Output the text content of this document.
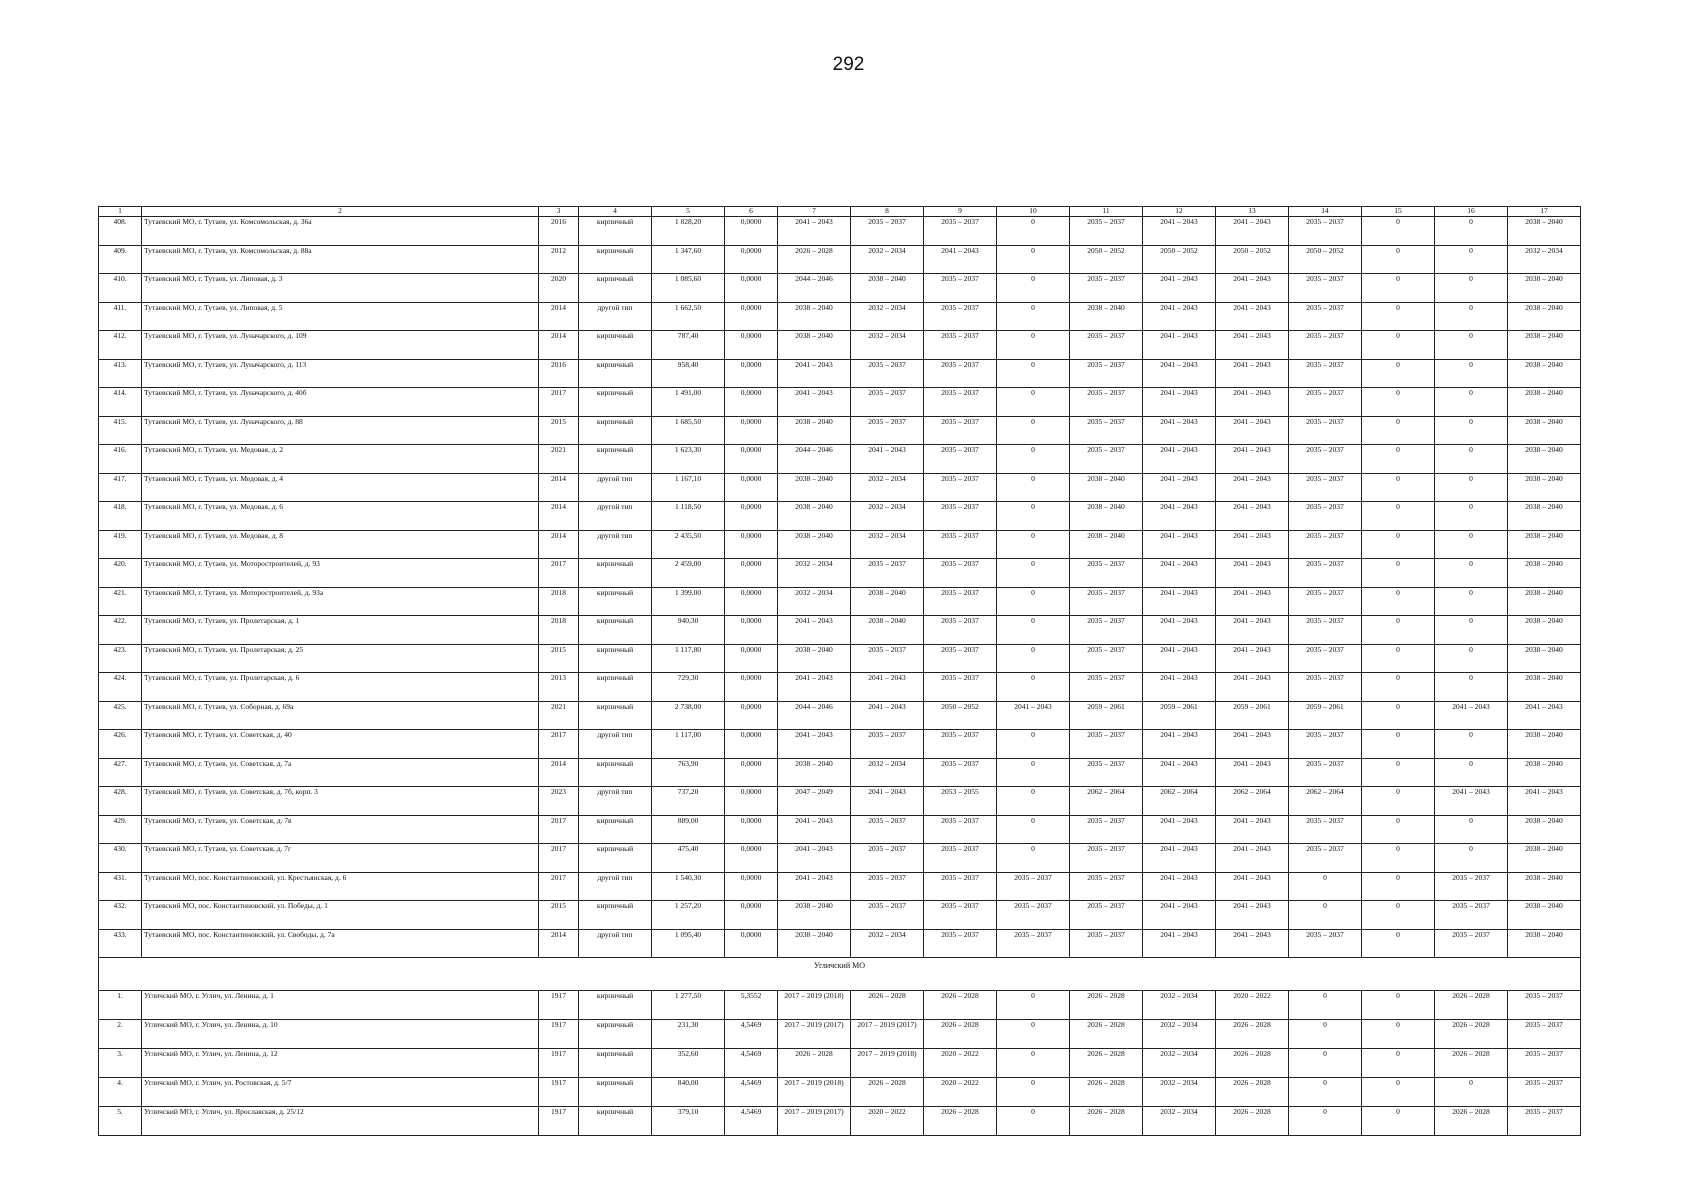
292
1	2	3	4	5	6	7	8	9	10	11	12	13	14	15	16	17
408.	Тутаевский МО, г. Тутаев, ул. Комсомольская, д. 36а	2016	кирпичный	1 828,20	0,0000	2041 – 2043	2035 – 2037	2035 – 2037	0	2035 – 2037	2041 – 2043	2041 – 2043	2035 – 2037	0	0	2038 – 2040
409.	Тутаевский МО, г. Тутаев, ул. Комсомольская, д. 88а	2012	кирпичный	1 347,60	0,0000	2026 – 2028	2032 – 2034	2041 – 2043	0	2050 – 2052	2050 – 2052	2050 – 2052	2050 – 2052	0	0	2032 – 2034
410.	Тутаевский МО, г. Тутаев, ул. Липовая, д. 3	2020	кирпичный	1 085,60	0,0000	2044 – 2046	2038 – 2040	2035 – 2037	0	2035 – 2037	2041 – 2043	2041 – 2043	2035 – 2037	0	0	2038 – 2040
411.	Тутаевский МО, г. Тутаев, ул. Липовая, д. 5	2014	другой тип	1 662,50	0,0000	2038 – 2040	2032 – 2034	2035 – 2037	0	2038 – 2040	2041 – 2043	2041 – 2043	2035 – 2037	0	0	2038 – 2040
412.	Тутаевский МО, г. Тутаев, ул. Луначарского, д. 109	2014	кирпичный	787,40	0,0000	2038 – 2040	2032 – 2034	2035 – 2037	0	2035 – 2037	2041 – 2043	2041 – 2043	2035 – 2037	0	0	2038 – 2040
413.	Тутаевский МО, г. Тутаев, ул. Луначарского, д. 113	2016	кирпичный	958,40	0,0000	2041 – 2043	2035 – 2037	2035 – 2037	0	2035 – 2037	2041 – 2043	2041 – 2043	2035 – 2037	0	0	2038 – 2040
414.	Тутаевский МО, г. Тутаев, ул. Луначарского, д. 40б	2017	кирпичный	1 491,00	0,0000	2041 – 2043	2035 – 2037	2035 – 2037	0	2035 – 2037	2041 – 2043	2041 – 2043	2035 – 2037	0	0	2038 – 2040
415.	Тутаевский МО, г. Тутаев, ул. Луначарского, д. 88	2015	кирпичный	1 685,50	0,0000	2038 – 2040	2035 – 2037	2035 – 2037	0	2035 – 2037	2041 – 2043	2041 – 2043	2035 – 2037	0	0	2038 – 2040
416.	Тутаевский МО, г. Тутаев, ул. Медовая, д. 2	2021	кирпичный	1 623,30	0,0000	2044 – 2046	2041 – 2043	2035 – 2037	0	2035 – 2037	2041 – 2043	2041 – 2043	2035 – 2037	0	0	2038 – 2040
417.	Тутаевский МО, г. Тутаев, ул. Медовая, д. 4	2014	другой тип	1 167,10	0,0000	2038 – 2040	2032 – 2034	2035 – 2037	0	2038 – 2040	2041 – 2043	2041 – 2043	2035 – 2037	0	0	2038 – 2040
418.	Тутаевский МО, г. Тутаев, ул. Медовая, д. 6	2014	другой тип	1 118,50	0,0000	2038 – 2040	2032 – 2034	2035 – 2037	0	2038 – 2040	2041 – 2043	2041 – 2043	2035 – 2037	0	0	2038 – 2040
419.	Тутаевский МО, г. Тутаев, ул. Медовая, д. 8	2014	другой тип	2 435,50	0,0000	2038 – 2040	2032 – 2034	2035 – 2037	0	2038 – 2040	2041 – 2043	2041 – 2043	2035 – 2037	0	0	2038 – 2040
420.	Тутаевский МО, г. Тутаев, ул. Моторостроителей, д. 93	2017	кирпичный	2 459,00	0,0000	2032 – 2034	2035 – 2037	2035 – 2037	0	2035 – 2037	2041 – 2043	2041 – 2043	2035 – 2037	0	0	2038 – 2040
421.	Тутаевский МО, г. Тутаев, ул. Моторостроителей, д. 93а	2018	кирпичный	1 399,00	0,0000	2032 – 2034	2038 – 2040	2035 – 2037	0	2035 – 2037	2041 – 2043	2041 – 2043	2035 – 2037	0	0	2038 – 2040
422.	Тутаевский МО, г. Тутаев, ул. Пролетарская, д. 1	2018	кирпичный	940,30	0,0000	2041 – 2043	2038 – 2040	2035 – 2037	0	2035 – 2037	2041 – 2043	2041 – 2043	2035 – 2037	0	0	2038 – 2040
423.	Тутаевский МО, г. Тутаев, ул. Пролетарская, д. 25	2015	кирпичный	1 117,80	0,0000	2038 – 2040	2035 – 2037	2035 – 2037	0	2035 – 2037	2041 – 2043	2041 – 2043	2035 – 2037	0	0	2038 – 2040
424.	Тутаевский МО, г. Тутаев, ул. Пролетарская, д. 6	2013	кирпичный	729,30	0,0000	2041 – 2043	2041 – 2043	2035 – 2037	0	2035 – 2037	2041 – 2043	2041 – 2043	2035 – 2037	0	0	2038 – 2040
425.	Тутаевский МО, г. Тутаев, ул. Соборная, д. 69а	2021	кирпичный	2 738,00	0,0000	2044 – 2046	2041 – 2043	2050 – 2052	2041 – 2043	2059 – 2061	2059 – 2061	2059 – 2061	2059 – 2061	0	2041 – 2043	2041 – 2043
426.	Тутаевский МО, г. Тутаев, ул. Советская, д. 40	2017	другой тип	1 117,00	0,0000	2041 – 2043	2035 – 2037	2035 – 2037	0	2035 – 2037	2041 – 2043	2041 – 2043	2035 – 2037	0	0	2038 – 2040
427.	Тутаевский МО, г. Тутаев, ул. Советская, д. 7а	2014	кирпичный	763,90	0,0000	2038 – 2040	2032 – 2034	2035 – 2037	0	2035 – 2037	2041 – 2043	2041 – 2043	2035 – 2037	0	0	2038 – 2040
428.	Тутаевский МО, г. Тутаев, ул. Советская, д. 7б, корп. 3	2023	другой тип	737,20	0,0000	2047 – 2049	2041 – 2043	2053 – 2055	0	2062 – 2064	2062 – 2064	2062 – 2064	2062 – 2064	0	2041 – 2043	2041 – 2043
429.	Тутаевский МО, г. Тутаев, ул. Советская, д. 7в	2017	кирпичный	889,00	0,0000	2041 – 2043	2035 – 2037	2035 – 2037	0	2035 – 2037	2041 – 2043	2041 – 2043	2035 – 2037	0	0	2038 – 2040
430.	Тутаевский МО, г. Тутаев, ул. Советская, д. 7г	2017	кирпичный	475,40	0,0000	2041 – 2043	2035 – 2037	2035 – 2037	0	2035 – 2037	2041 – 2043	2041 – 2043	2035 – 2037	0	0	2038 – 2040
431.	Тутаевский МО, пос. Константиновский, ул. Крестьянская, д. 6	2017	другой тип	1 540,30	0,0000	2041 – 2043	2035 – 2037	2035 – 2037	2035 – 2037	2035 – 2037	2041 – 2043	2041 – 2043	0	0	2035 – 2037	2038 – 2040
432.	Тутаевский МО, пос. Константиновский, ул. Победы, д. 1	2015	кирпичный	1 257,20	0,0000	2038 – 2040	2035 – 2037	2035 – 2037	2035 – 2037	2035 – 2037	2041 – 2043	2041 – 2043	0	0	2035 – 2037	2038 – 2040
433.	Тутаевский МО, пос. Константиновский, ул. Свободы, д. 7а	2014	другой тип	1 095,40	0,0000	2038 – 2040	2032 – 2034	2035 – 2037	2035 – 2037	2035 – 2037	2041 – 2043	2041 – 2043	2035 – 2037	0	2035 – 2037	2038 – 2040
Угличский МО																
1.	Угличский МО, г. Углич, ул. Ленина, д. 1	1917	кирпичный	1 277,50	5,3552	2017 – 2019 (2018)	2026 – 2028	2026 – 2028	0	2026 – 2028	2032 – 2034	2020 – 2022	0	0	2026 – 2028	2035 – 2037
2.	Угличский МО, г. Углич, ул. Ленина, д. 10	1917	кирпичный	231,30	4,5469	2017 – 2019 (2017)	2017 – 2019 (2017)	2026 – 2028	0	2026 – 2028	2032 – 2034	2026 – 2028	0	0	2026 – 2028	2035 – 2037
3.	Угличский МО, г. Углич, ул. Ленина, д. 12	1917	кирпичный	352,60	4,5469	2026 – 2028	2017 – 2019 (2018)	2020 – 2022	0	2026 – 2028	2032 – 2034	2026 – 2028	0	0	2026 – 2028	2035 – 2037
4.	Угличский МО, г. Углич, ул. Ростовская, д. 5/7	1917	кирпичный	840,00	4,5469	2017 – 2019 (2018)	2026 – 2028	2020 – 2022	0	2026 – 2028	2032 – 2034	2026 – 2028	0	0	0	2035 – 2037
5.	Угличский МО, г. Углич, ул. Ярославская, д. 25/12	1917	кирпичный	379,10	4,5469	2017 – 2019 (2017)	2020 – 2022	2026 – 2028	0	2026 – 2028	2032 – 2034	2026 – 2028	0	0	2026 – 2028	2035 – 2037
